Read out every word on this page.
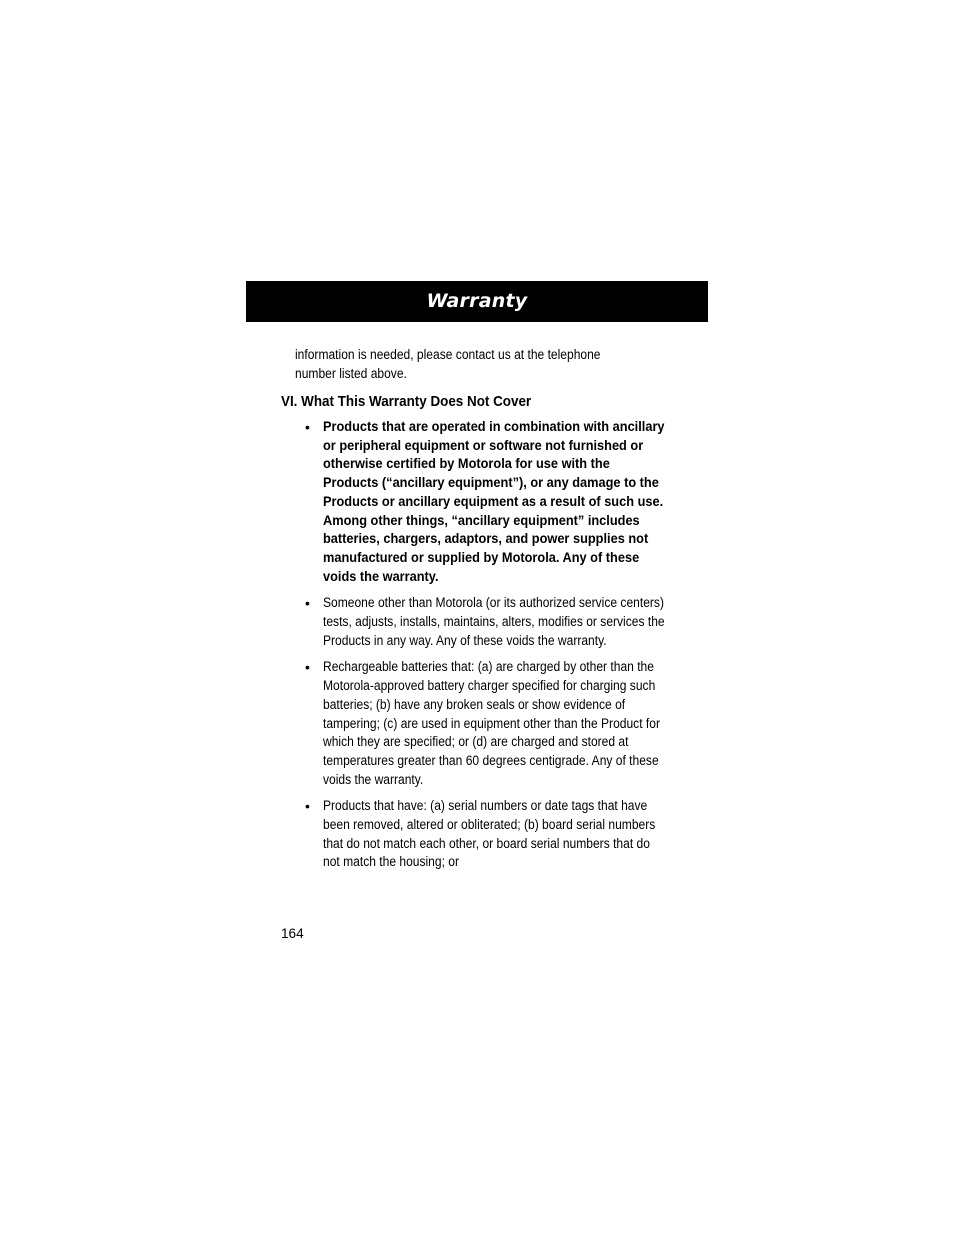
Warranty
information is needed, please contact us at the telephone number listed above.
VI. What This Warranty Does Not Cover
• Products that are operated in combination with ancillary or peripheral equipment or software not furnished or otherwise certified by Motorola for use with the Products (“ancillary equipment”), or any damage to the Products or ancillary equipment as a result of such use. Among other things, “ancillary equipment” includes batteries, chargers, adaptors, and power supplies not manufactured or supplied by Motorola. Any of these voids the warranty.
• Someone other than Motorola (or its authorized service centers) tests, adjusts, installs, maintains, alters, modifies or services the Products in any way. Any of these voids the warranty.
• Rechargeable batteries that: (a) are charged by other than the Motorola-approved battery charger specified for charging such batteries; (b) have any broken seals or show evidence of tampering; (c) are used in equipment other than the Product for which they are specified; or (d) are charged and stored at temperatures greater than 60 degrees centigrade. Any of these voids the warranty.
• Products that have: (a) serial numbers or date tags that have been removed, altered or obliterated; (b) board serial numbers that do not match each other, or board serial numbers that do not match the housing; or
164
